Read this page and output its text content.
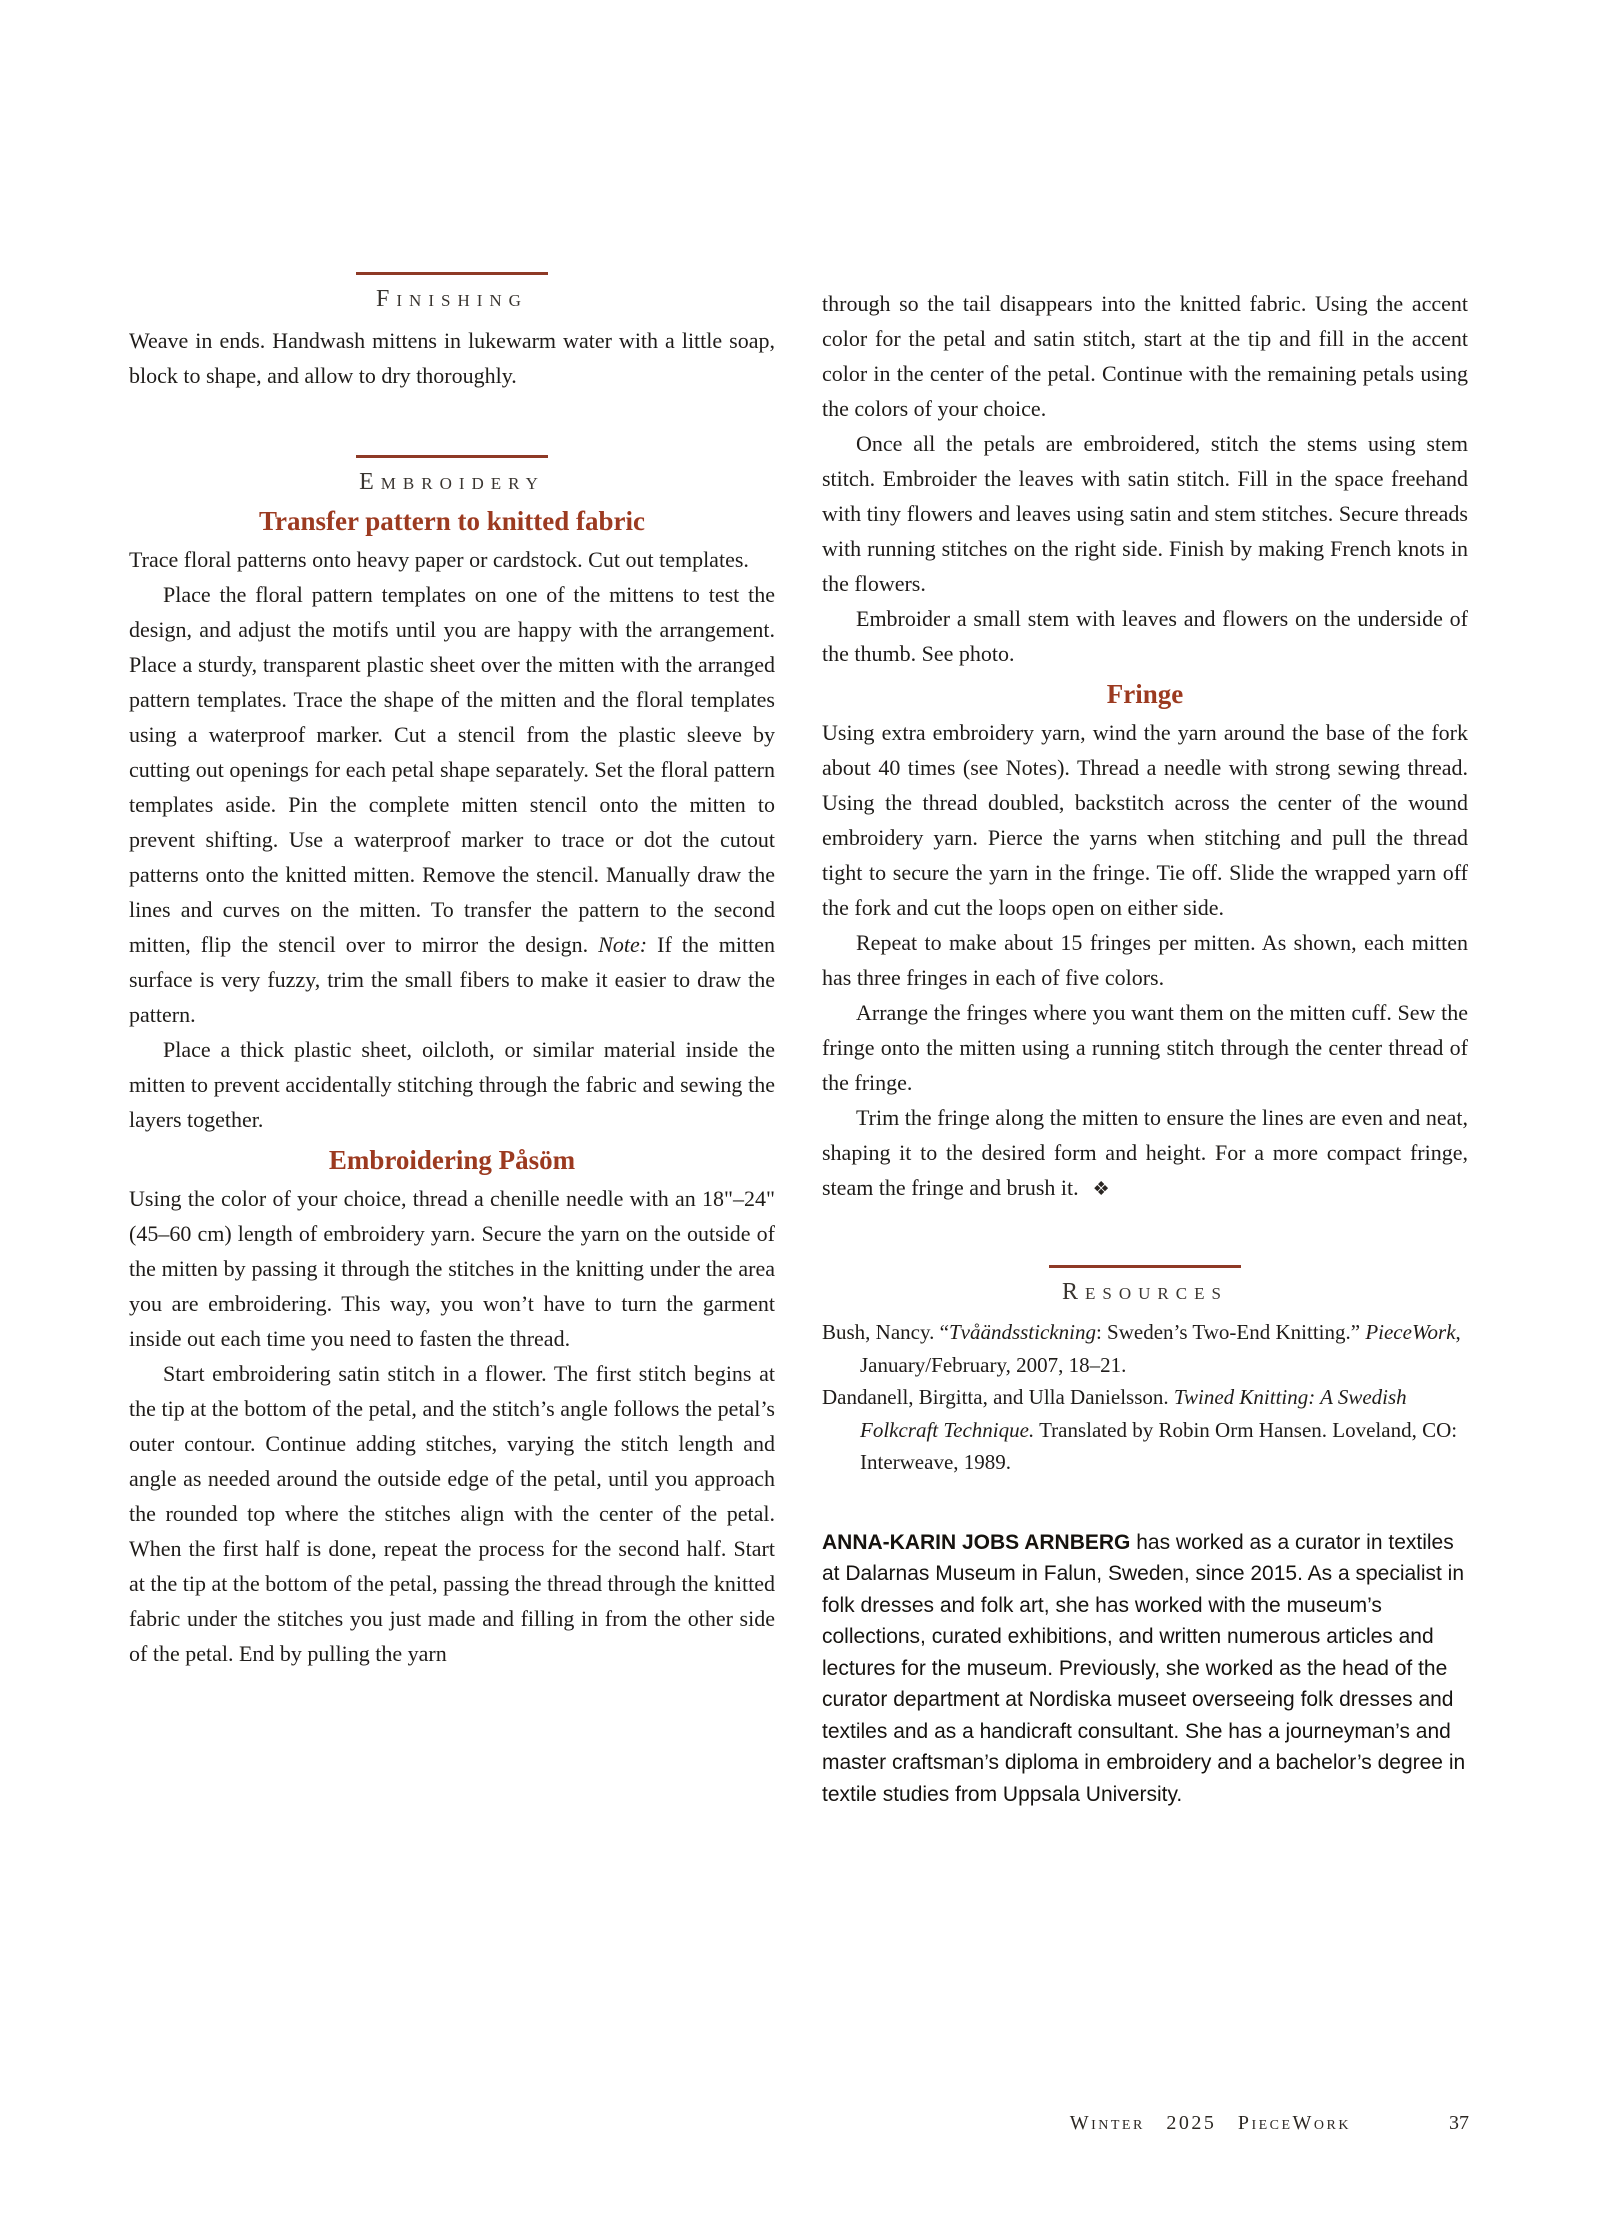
Finishing

Weave in ends. Handwash mittens in lukewarm water with a little soap, block to shape, and allow to dry thoroughly.

Embroidery
Transfer pattern to knitted fabric

Trace floral patterns onto heavy paper or cardstock. Cut out templates.

Place the floral pattern templates on one of the mittens to test the design, and adjust the motifs until you are happy with the arrangement. Place a sturdy, transparent plastic sheet over the mitten with the arranged pattern templates. Trace the shape of the mitten and the floral templates using a waterproof marker. Cut a stencil from the plastic sleeve by cutting out openings for each petal shape separately. Set the floral pattern templates aside. Pin the complete mitten stencil onto the mitten to prevent shifting. Use a waterproof marker to trace or dot the cutout patterns onto the knitted mitten. Remove the stencil. Manually draw the lines and curves on the mitten. To transfer the pattern to the second mitten, flip the stencil over to mirror the design. Note: If the mitten surface is very fuzzy, trim the small fibers to make it easier to draw the pattern.

Place a thick plastic sheet, oilcloth, or similar material inside the mitten to prevent accidentally stitching through the fabric and sewing the layers together.

Embroidering Påsöm

Using the color of your choice, thread a chenille needle with an 18"–24" (45–60 cm) length of embroidery yarn. Secure the yarn on the outside of the mitten by passing it through the stitches in the knitting under the area you are embroidering. This way, you won’t have to turn the garment inside out each time you need to fasten the thread.

Start embroidering satin stitch in a flower. The first stitch begins at the tip at the bottom of the petal, and the stitch’s angle follows the petal’s outer contour. Continue adding stitches, varying the stitch length and angle as needed around the outside edge of the petal, until you approach the rounded top where the stitches align with the center of the petal. When the first half is done, repeat the process for the second half. Start at the tip at the bottom of the petal, passing the thread through the knitted fabric under the stitches you just made and filling in from the other side of the petal. End by pulling the yarn

through so the tail disappears into the knitted fabric. Using the accent color for the petal and satin stitch, start at the tip and fill in the accent color in the center of the petal. Continue with the remaining petals using the colors of your choice.

Once all the petals are embroidered, stitch the stems using stem stitch. Embroider the leaves with satin stitch. Fill in the space freehand with tiny flowers and leaves using satin and stem stitches. Secure threads with running stitches on the right side. Finish by making French knots in the flowers.

Embroider a small stem with leaves and flowers on the underside of the thumb. See photo.

Fringe

Using extra embroidery yarn, wind the yarn around the base of the fork about 40 times (see Notes). Thread a needle with strong sewing thread. Using the thread doubled, backstitch across the center of the wound embroidery yarn. Pierce the yarns when stitching and pull the thread tight to secure the yarn in the fringe. Tie off. Slide the wrapped yarn off the fork and cut the loops open on either side.

Repeat to make about 15 fringes per mitten. As shown, each mitten has three fringes in each of five colors.

Arrange the fringes where you want them on the mitten cuff. Sew the fringe onto the mitten using a running stitch through the center thread of the fringe.

Trim the fringe along the mitten to ensure the lines are even and neat, shaping it to the desired form and height. For a more compact fringe, steam the fringe and brush it. ❖

Resources

Bush, Nancy. “Tvåändsstickning: Sweden’s Two-End Knitting.” PieceWork, January/February, 2007, 18–21.

Dandanell, Birgitta, and Ulla Danielsson. Twined Knitting: A Swedish Folkcraft Technique. Translated by Robin Orm Hansen. Loveland, CO: Interweave, 1989.

ANNA-KARIN JOBS ARNBERG has worked as a curator in textiles at Dalarnas Museum in Falun, Sweden, since 2015. As a specialist in folk dresses and folk art, she has worked with the museum’s collections, curated exhibitions, and written numerous articles and lectures for the museum. Previously, she worked as the head of the curator department at Nordiska museet overseeing folk dresses and textiles and as a handicraft consultant. She has a journeyman’s and master craftsman’s diploma in embroidery and a bachelor’s degree in textile studies from Uppsala University.

Winter 2025 PieceWork	37
